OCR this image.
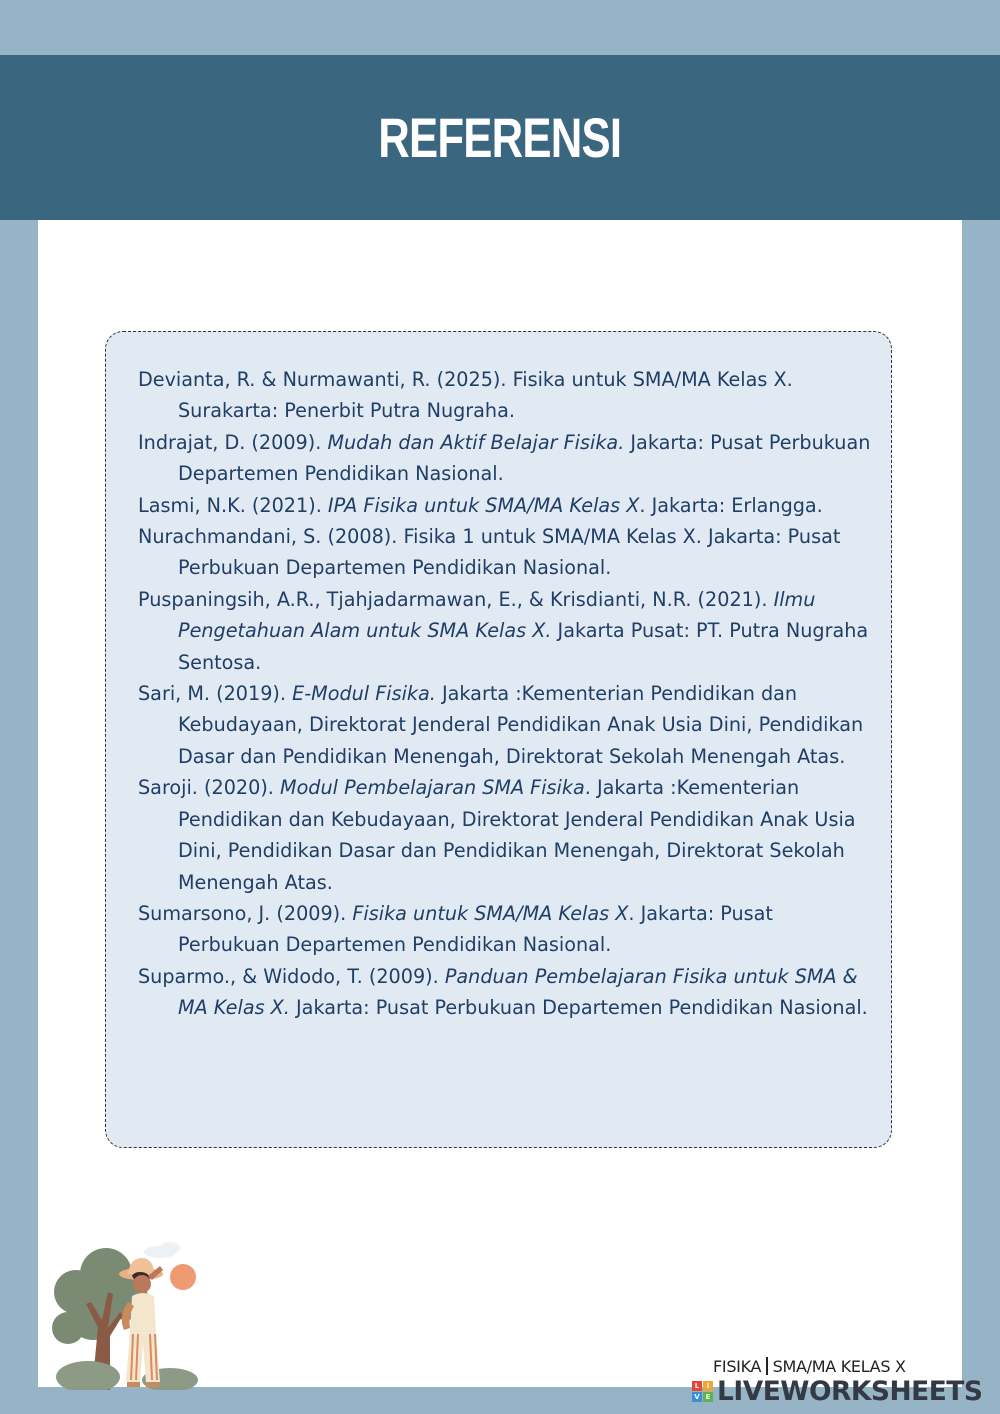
REFERENSI
Devianta, R. & Nurmawanti, R. (2025). Fisika untuk SMA/MA Kelas X. Surakarta: Penerbit Putra Nugraha.
Indrajat, D. (2009). Mudah dan Aktif Belajar Fisika. Jakarta: Pusat Perbukuan Departemen Pendidikan Nasional.
Lasmi, N.K. (2021). IPA Fisika untuk SMA/MA Kelas X. Jakarta: Erlangga.
Nurachmandani, S. (2008). Fisika 1 untuk SMA/MA Kelas X. Jakarta: Pusat Perbukuan Departemen Pendidikan Nasional.
Puspaningsih, A.R., Tjahjadarmawan, E., & Krisdianti, N.R. (2021). Ilmu Pengetahuan Alam untuk SMA Kelas X. Jakarta Pusat: PT. Putra Nugraha Sentosa.
Sari, M. (2019). E-Modul Fisika. Jakarta :Kementerian Pendidikan dan Kebudayaan, Direktorat Jenderal Pendidikan Anak Usia Dini, Pendidikan Dasar dan Pendidikan Menengah, Direktorat Sekolah Menengah Atas.
Saroji. (2020). Modul Pembelajaran SMA Fisika. Jakarta :Kementerian Pendidikan dan Kebudayaan, Direktorat Jenderal Pendidikan Anak Usia Dini, Pendidikan Dasar dan Pendidikan Menengah, Direktorat Sekolah Menengah Atas.
Sumarsono, J. (2009). Fisika untuk SMA/MA Kelas X. Jakarta: Pusat Perbukuan Departemen Pendidikan Nasional.
Suparmo., & Widodo, T. (2009). Panduan Pembelajaran Fisika untuk SMA & MA Kelas X. Jakarta: Pusat Perbukuan Departemen Pendidikan Nasional.
FISIKA SMA/MA KELAS X
L	I
V E LIVEWORKSHEETS
